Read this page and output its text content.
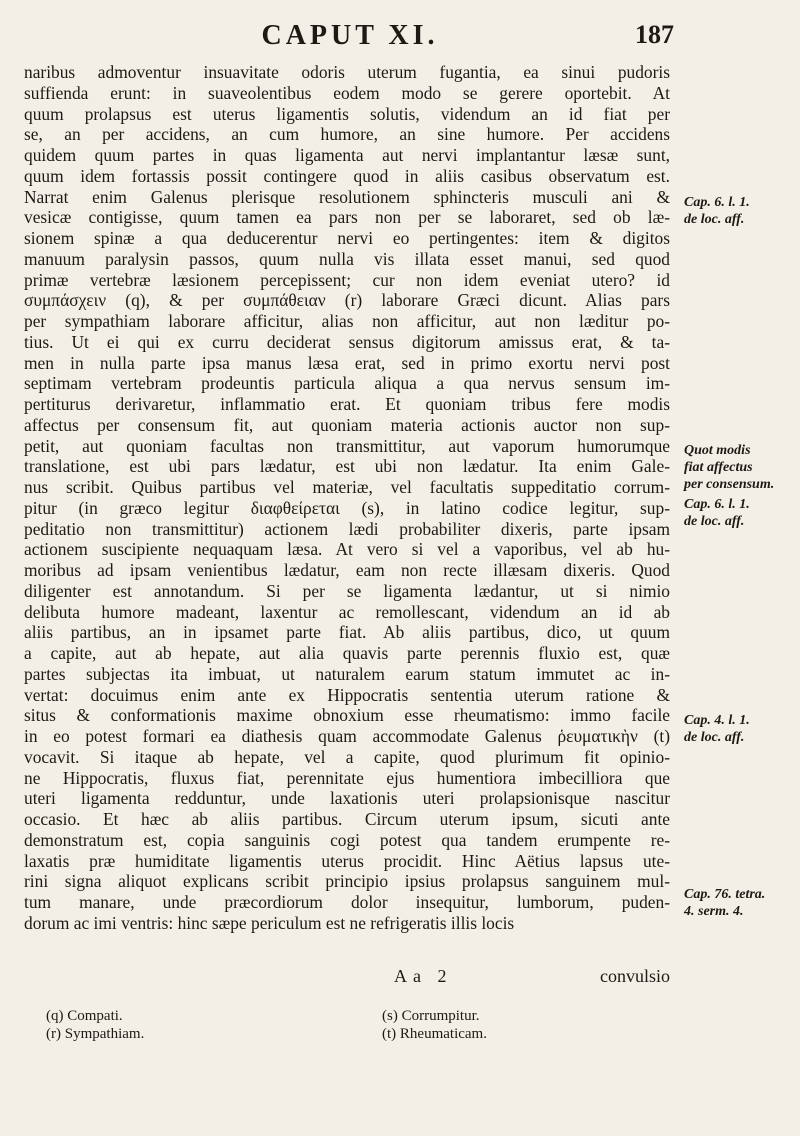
CAPUT XI.	187
naribus admoventur insuavitate odoris uterum fugantia, ea sinui pudoris
suffienda erunt: in suaveolentibus eodem modo se gerere oportebit. At
quum prolapsus est uterus ligamentis solutis, videndum an id fiat per
se, an per accidens, an cum humore, an sine humore. Per accidens
quidem quum partes in quas ligamenta aut nervi implantantur læsæ sunt,
quum idem fortassis possit contingere quod in aliis casibus observatum est.
Narrat enim Galenus plerisque resolutionem sphincteris musculi ani &
vesicæ contigisse, quum tamen ea pars non per se laboraret, sed ob læ-
sionem spinæ a qua deducerentur nervi eo pertingentes: item & digitos
manuum paralysin passos, quum nulla vis illata esset manui, sed quod
primæ vertebræ læsionem percepissent; cur non idem eveniat utero? id
συμπάσχειν (q), & per συμπάθειαν (r) laborare Græci dicunt. Alias pars
per sympathiam laborare afficitur, alias non afficitur, aut non læditur po-
tius. Ut ei qui ex curru deciderat sensus digitorum amissus erat, & ta-
men in nulla parte ipsa manus læsa erat, sed in primo exortu nervi post
septimam vertebram prodeuntis particula aliqua a qua nervus sensum im-
pertiturus derivaretur, inflammatio erat. Et quoniam tribus fere modis
affectus per consensum fit, aut quoniam materia actionis auctor non sup-
petit, aut quoniam facultas non transmittitur, aut vaporum humorumque
translatione, est ubi pars lædatur, est ubi non lædatur. Ita enim Gale-
nus scribit. Quibus partibus vel materiæ, vel facultatis suppeditatio corrum-
pitur (in græco legitur διαφθείρεται (s), in latino codice legitur, sup-
peditatio non transmittitur) actionem lædi probabiliter dixeris, parte ipsam
actionem suscipiente nequaquam læsa. At vero si vel a vaporibus, vel ab hu-
moribus ad ipsam venientibus lædatur, eam non recte illæsam dixeris. Quod
diligenter est annotandum. Si per se ligamenta lædantur, ut si nimio
delibuta humore madeant, laxentur ac remollescant, videndum an id ab
aliis partibus, an in ipsamet parte fiat. Ab aliis partibus, dico, ut quum
a capite, aut ab hepate, aut alia quavis parte perennis fluxio est, quæ
partes subjectas ita imbuat, ut naturalem earum statum immutet ac in-
vertat: docuimus enim ante ex Hippocratis sententia uterum ratione &
situs & conformationis maxime obnoxium esse rheumatismo: immo facile
in eo potest formari ea diathesis quam accommodate Galenus ῥευματικὴν (t)
vocavit. Si itaque ab hepate, vel a capite, quod plurimum fit opinio-
ne Hippocratis, fluxus fiat, perennitate ejus humentiora imbecilliora que
uteri ligamenta redduntur, unde laxationis uteri prolapsionisque nascitur
occasio. Et hæc ab aliis partibus. Circum uterum ipsum, sicuti ante
demonstratum est, copia sanguinis cogi potest qua tandem erumpente re-
laxatis præ humiditate ligamentis uterus procidit. Hinc Aëtius lapsus ute-
rini signa aliquot explicans scribit principio ipsius prolapsus sanguinem mul-
tum manare, unde præcordiorum dolor insequitur, lumborum, puden-
dorum ac imi ventris: hinc sæpe periculum est ne refrigeratis illis locis
Cap. 6. l. 1.
de loc. aff.
Quot modis
fiat affectus
per consensum.
Cap. 6. l. 1.
de loc. aff.
Cap. 4. l. 1.
de loc. aff.
Cap. 76. tetra.
4. serm. 4.
Aa 2	convulsio
(q) Compati.
(r) Sympathiam.
(s) Corrumpitur.
(t) Rheumaticam.
